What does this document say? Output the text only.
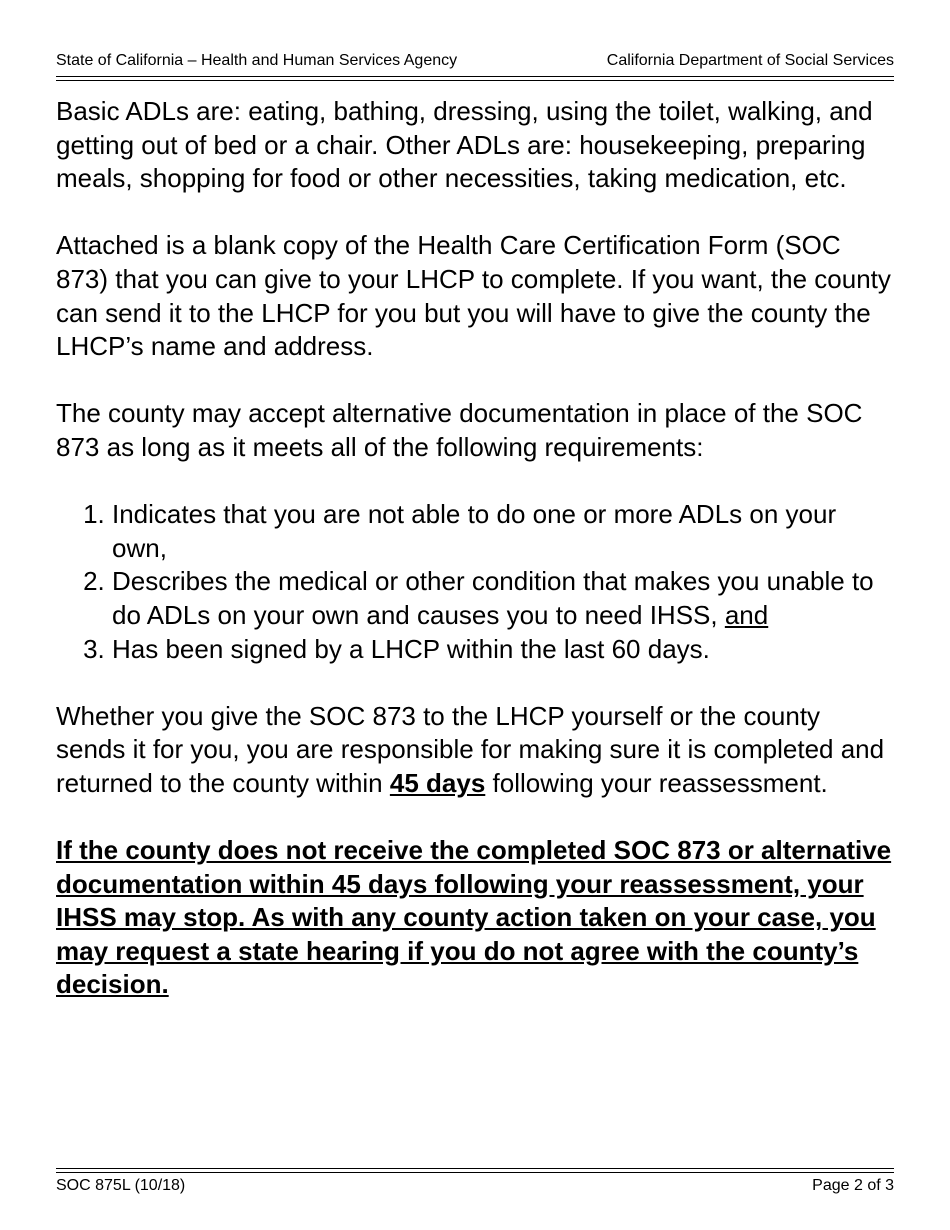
State of California – Health and Human Services Agency	California Department of Social Services

Basic ADLs are: eating, bathing, dressing, using the toilet, walking, and getting out of bed or a chair. Other ADLs are: housekeeping, preparing meals, shopping for food or other necessities, taking medication, etc.

Attached is a blank copy of the Health Care Certification Form (SOC 873) that you can give to your LHCP to complete. If you want, the county can send it to the LHCP for you but you will have to give the county the LHCP’s name and address.

The county may accept alternative documentation in place of the SOC 873 as long as it meets all of the following requirements:

1. Indicates that you are not able to do one or more ADLs on your own,
2. Describes the medical or other condition that makes you unable to do ADLs on your own and causes you to need IHSS, and
3. Has been signed by a LHCP within the last 60 days.

Whether you give the SOC 873 to the LHCP yourself or the county sends it for you, you are responsible for making sure it is completed and returned to the county within 45 days following your reassessment.

If the county does not receive the completed SOC 873 or alternative documentation within 45 days following your reassessment, your IHSS may stop. As with any county action taken on your case, you may request a state hearing if you do not agree with the county’s decision.

SOC 875L (10/18)	Page 2 of 3
